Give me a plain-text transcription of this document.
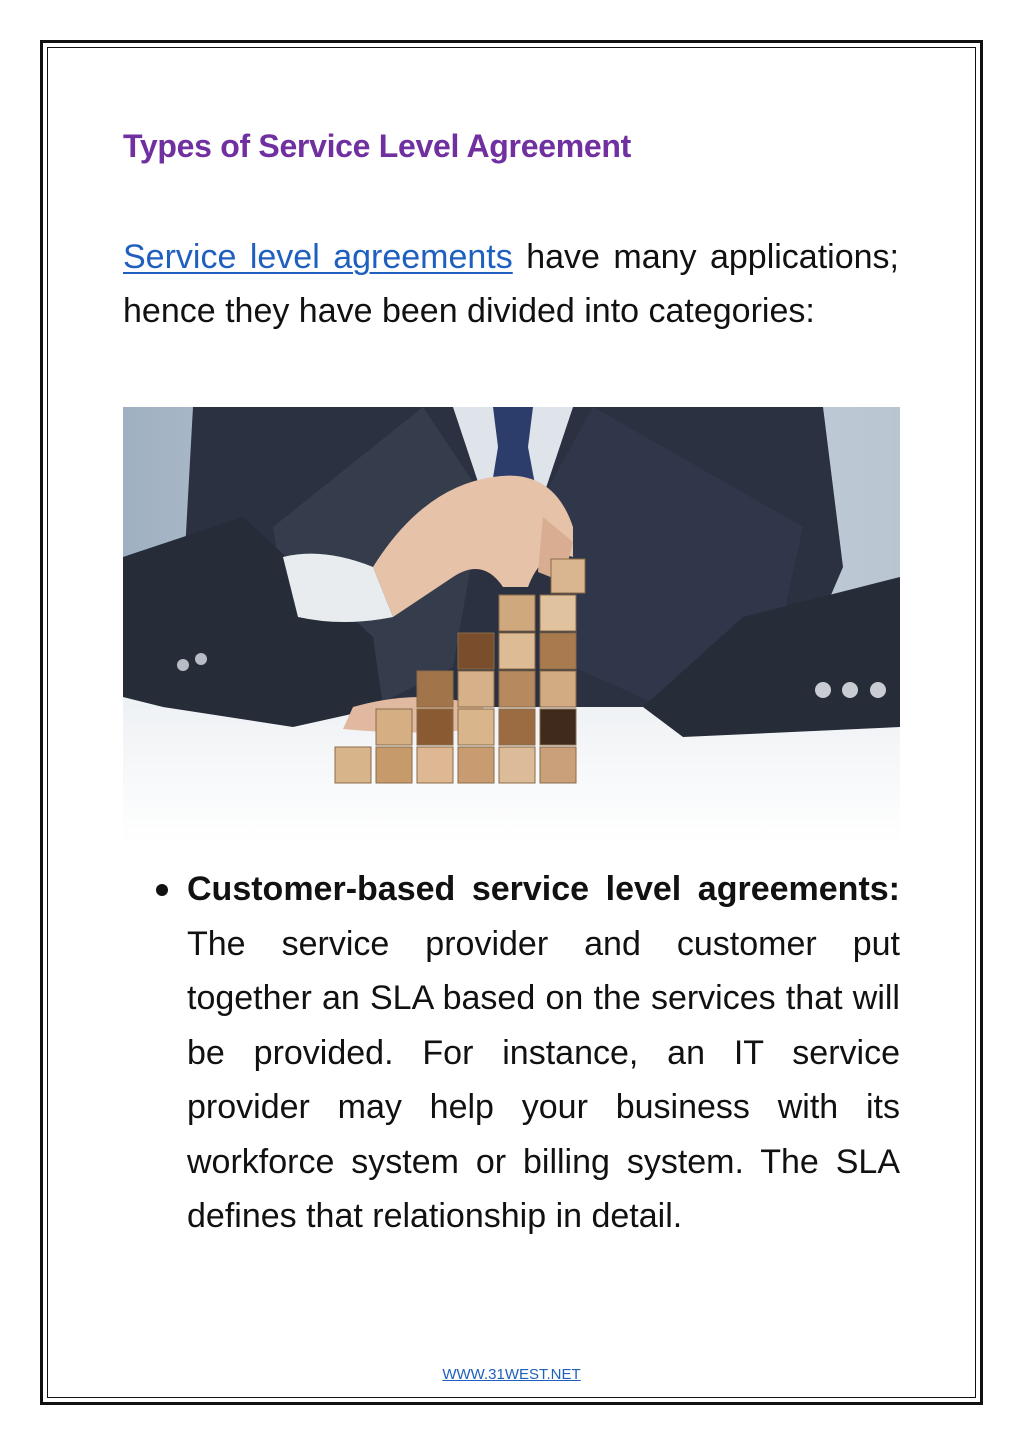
Types of Service Level Agreement

Service level agreements have many applications; hence they have been divided into categories:

Customer-based service level agreements: The service provider and customer put together an SLA based on the services that will be provided. For instance, an IT service provider may help your business with its workforce system or billing system. The SLA defines that relationship in detail.
WWW.31WEST.NET
